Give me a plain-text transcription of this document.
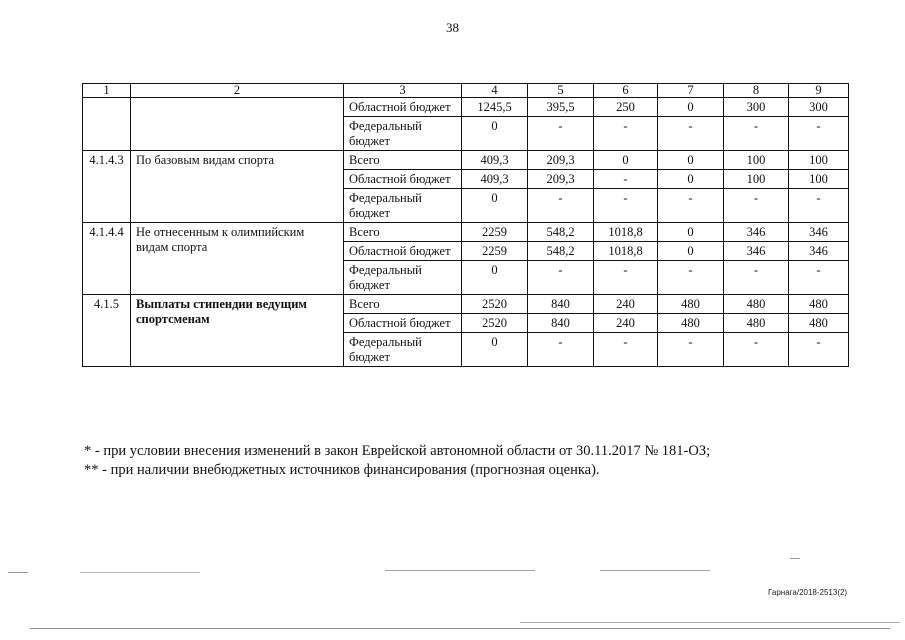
38
1	2	3	4	5	6	7	8	9
		Областной бюджет	1245,5	395,5	250	0	300	300
		Федеральный бюджет	0	-	-	-	-	-
4.1.4.3	По базовым видам спорта	Всего	409,3	209,3	0	0	100	100
		Областной бюджет	409,3	209,3	-	0	100	100
		Федеральный бюджет	0	-	-	-	-	-
4.1.4.4	Не отнесенным к олимпийским видам спорта	Всего	2259	548,2	1018,8	0	346	346
		Областной бюджет	2259	548,2	1018,8	0	346	346
		Федеральный бюджет	0	-	-	-	-	-
4.1.5	Выплаты стипендии ведущим спортсменам	Всего	2520	840	240	480	480	480
		Областной бюджет	2520	840	240	480	480	480
		Федеральный бюджет	0	-	-	-	-	-
* - при условии внесения изменений в закон Еврейской автономной области от 30.11.2017 № 181-ОЗ;
** - при наличии внебюджетных источников финансирования (прогнозная оценка).
Гарнага/2018-2513(2)
